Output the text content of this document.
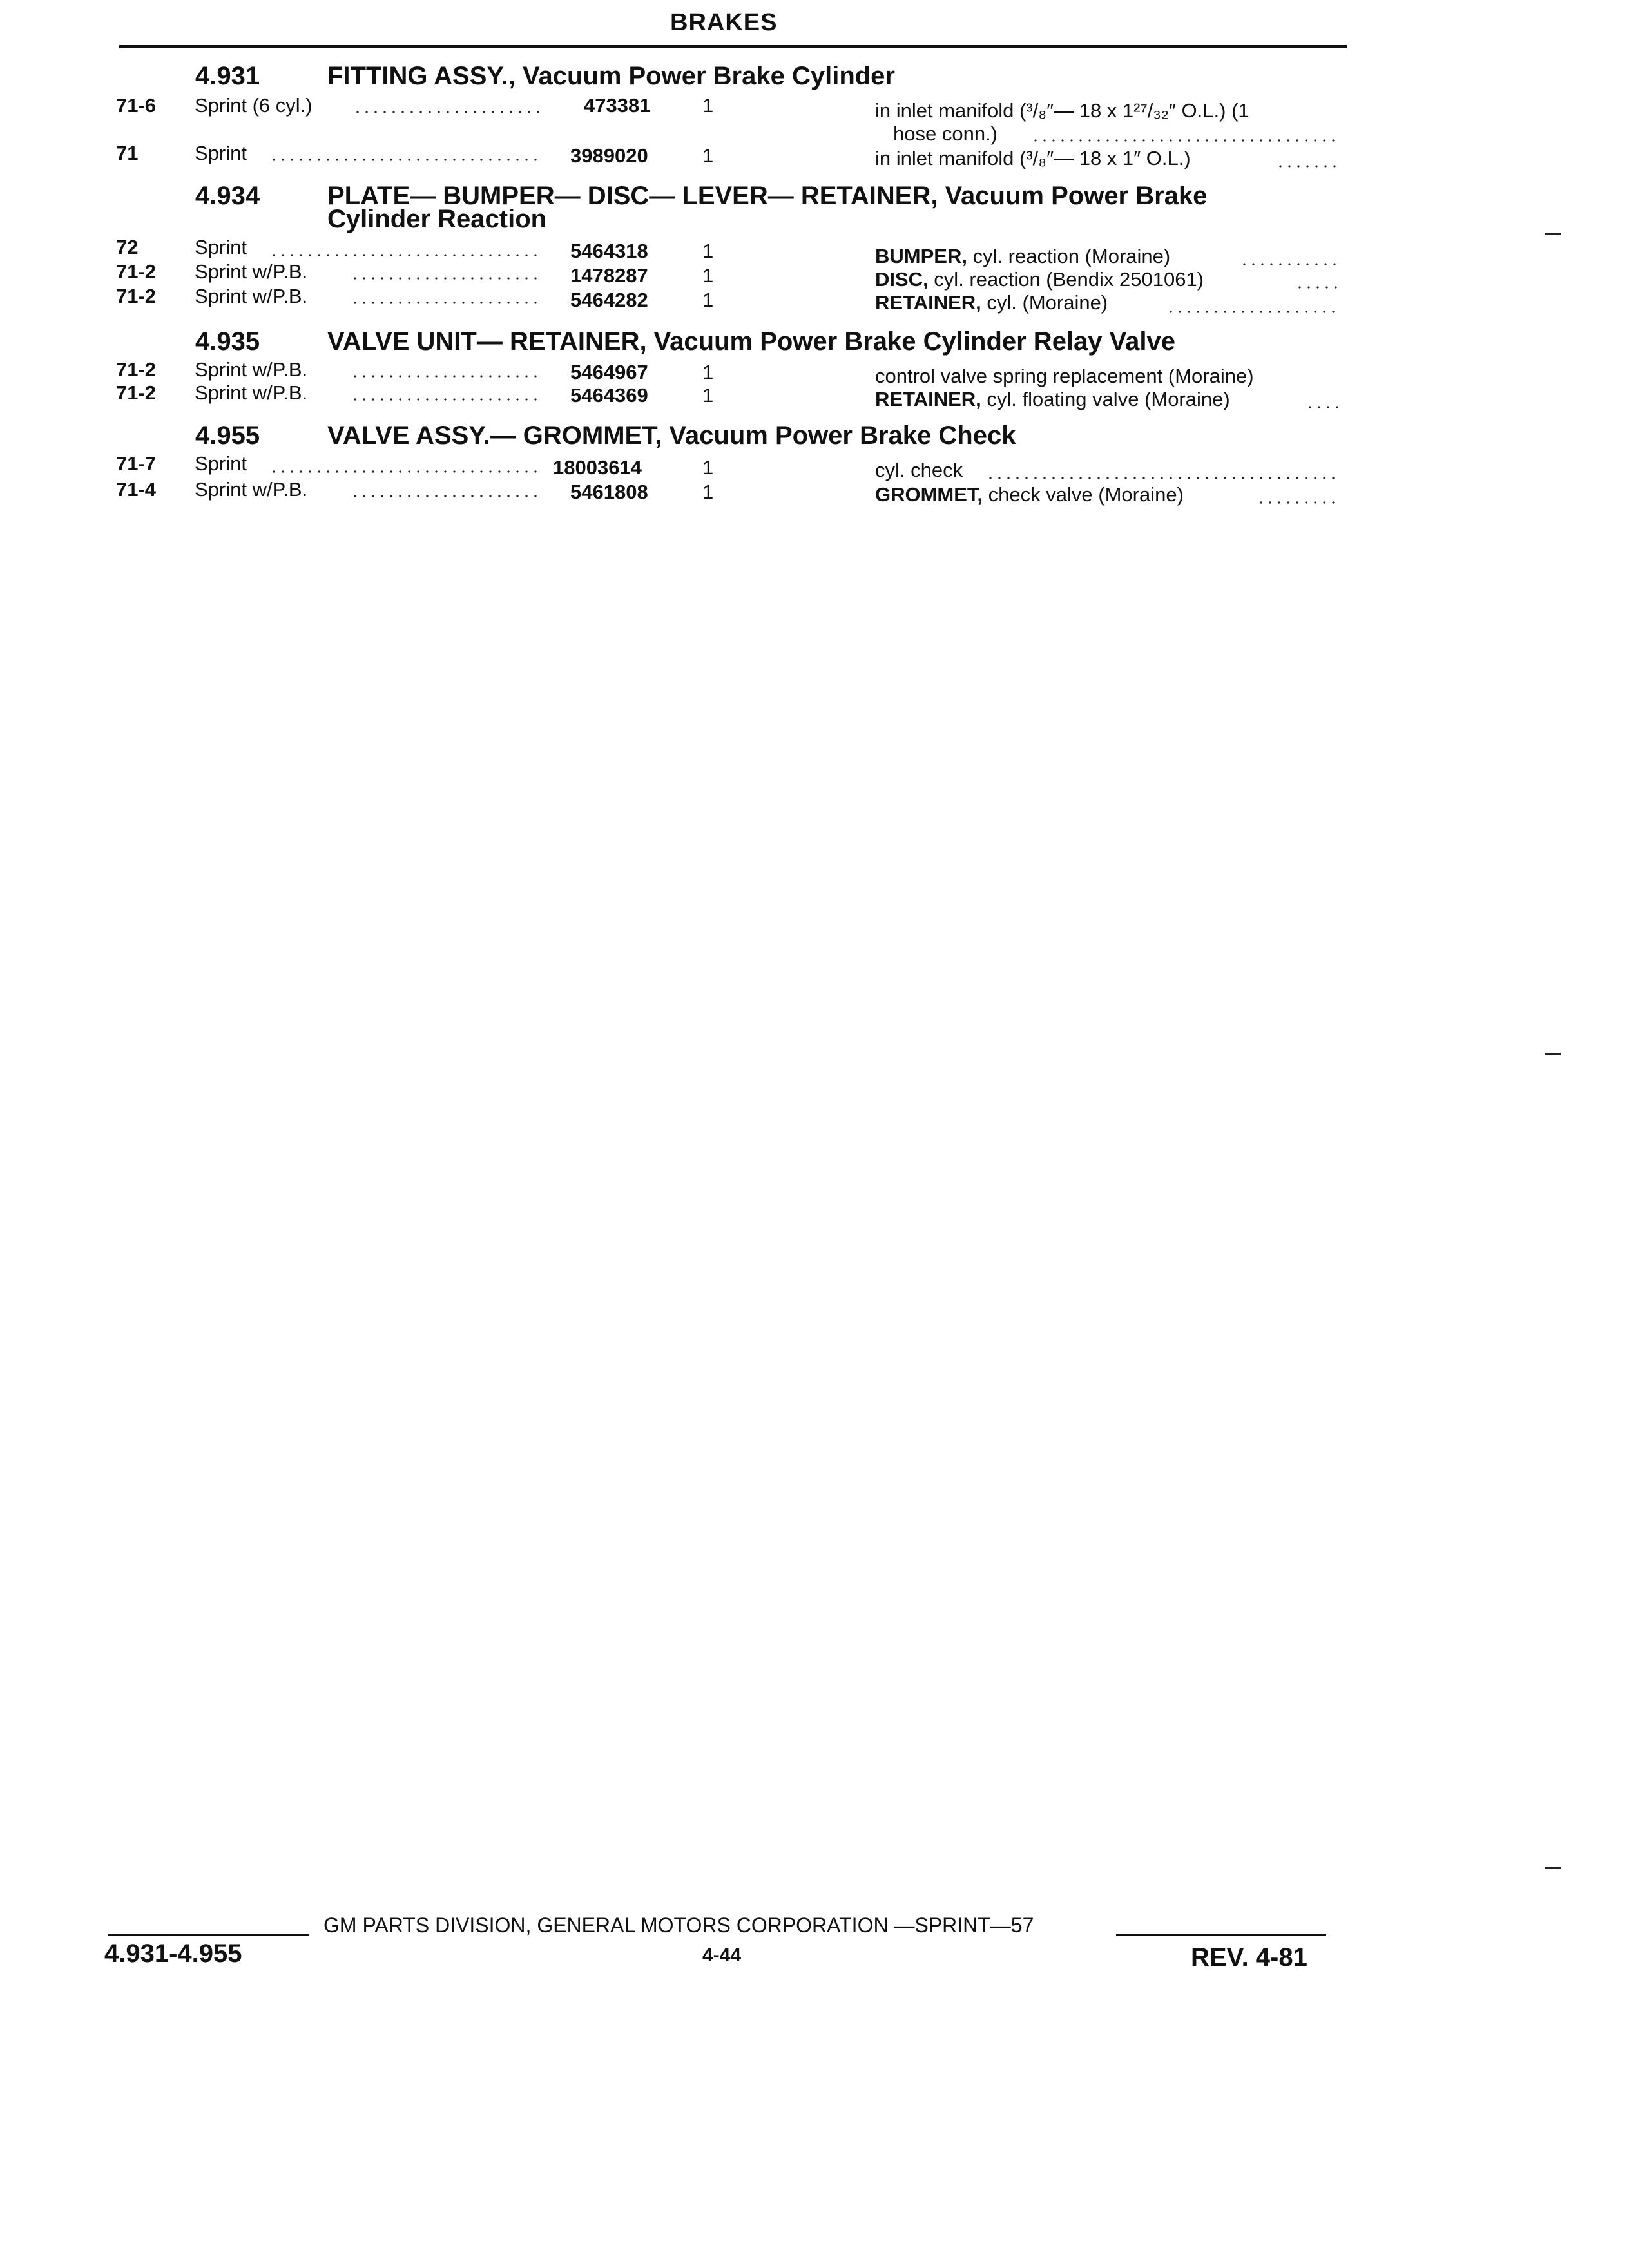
BRAKES
4.931	FITTING ASSY., Vacuum Power Brake Cylinder
71-6 Sprint (6 cyl.)	473381	1	in inlet manifold (³/₈″— 18 x 1²⁷/₃₂″ O.L.) (1
hose conn.)
71	Sprint	3989020	1	in inlet manifold (³/₈″— 18 x 1″ O.L.)
4.934	PLATE— BUMPER— DISC— LEVER— RETAINER, Vacuum Power Brake
Cylinder Reaction
72	Sprint	5464318	1	BUMPER, cyl. reaction (Moraine)
71-2 Sprint w/P.B.	1478287	1	DISC, cyl. reaction (Bendix 2501061)
71-2 Sprint w/P.B.	5464282	1	RETAINER, cyl. (Moraine)
4.935	VALVE UNIT— RETAINER, Vacuum Power Brake Cylinder Relay Valve
71-2 Sprint w/P.B.	5464967	1	control valve spring replacement (Moraine)
71-2 Sprint w/P.B.	5464369	1	RETAINER, cyl. floating valve (Moraine)
4.955	VALVE ASSY.— GROMMET, Vacuum Power Brake Check
71-7 Sprint	18003614	1	cyl. check
71-4 Sprint w/P.B.	5461808	1	GROMMET, check valve (Moraine)
GM PARTS DIVISION, GENERAL MOTORS CORPORATION —SPRINT—57
4.931-4.955	4-44	REV. 4-81
